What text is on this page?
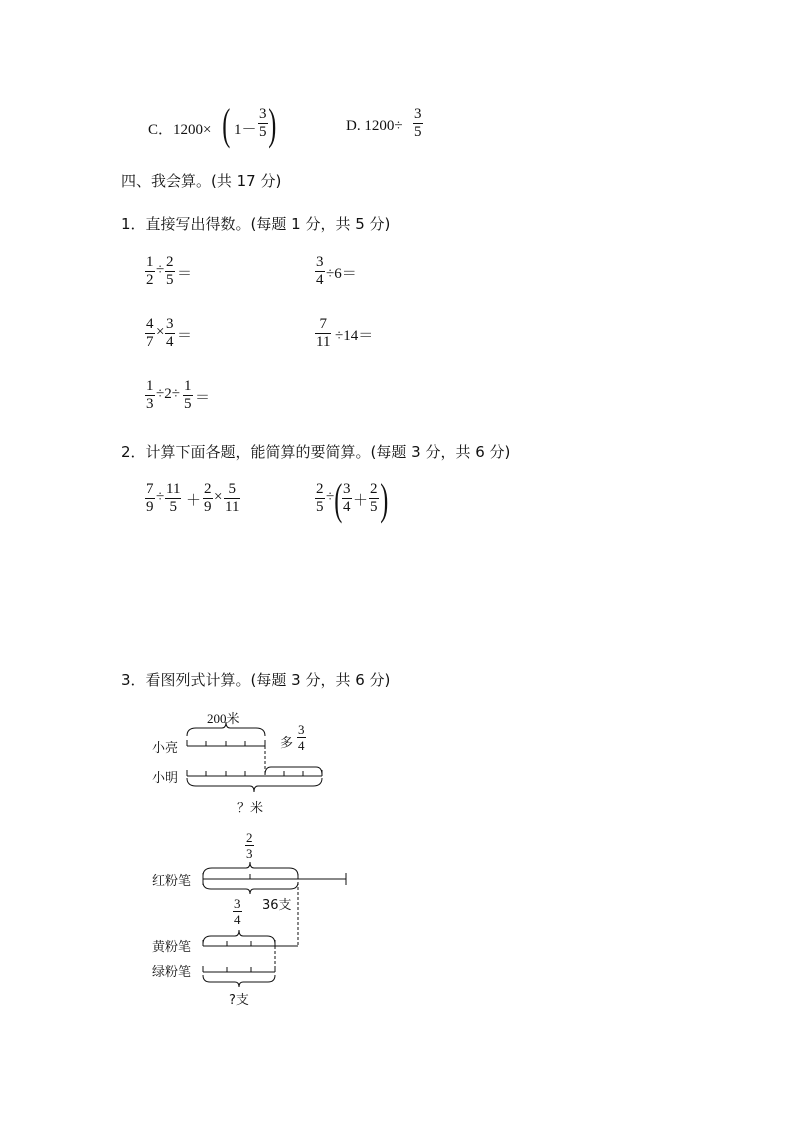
C．1200× ( $1- \frac{3}{5}$ )	D. $1200\div \frac{3}{5}$
四、我会算。(共 17 分)
1．直接写出得数。(每题 1 分，共 5 分)
$\frac{1}{2} \div \frac{2}{5}$ ＝	$\frac{3}{4} \div 6=$
$\frac{4}{7} \times \frac{3}{4}$ ＝	$\frac{7}{11} \div 14=$
$\frac{1}{3} \div 2\div \frac{1}{5}$ ＝
2．计算下面各题，能简算的要简算。(每题 3 分，共 6 分)
$\frac{7}{9} \div \frac{11}{5} + \frac{2}{9} \times \frac{5}{11}$	$\frac{2}{5}$ ÷ ( $\frac{3}{4} + \frac{2}{5}$ )
3．看图列式计算。(每题 3 分，共 6 分)
200米
小亮
小明
多 $\frac{3}{4}$
？米
$\frac{2}{3}$
红粉笔
$\frac{3}{4} 36$支
黄粉笔
绿粉笔
?支
